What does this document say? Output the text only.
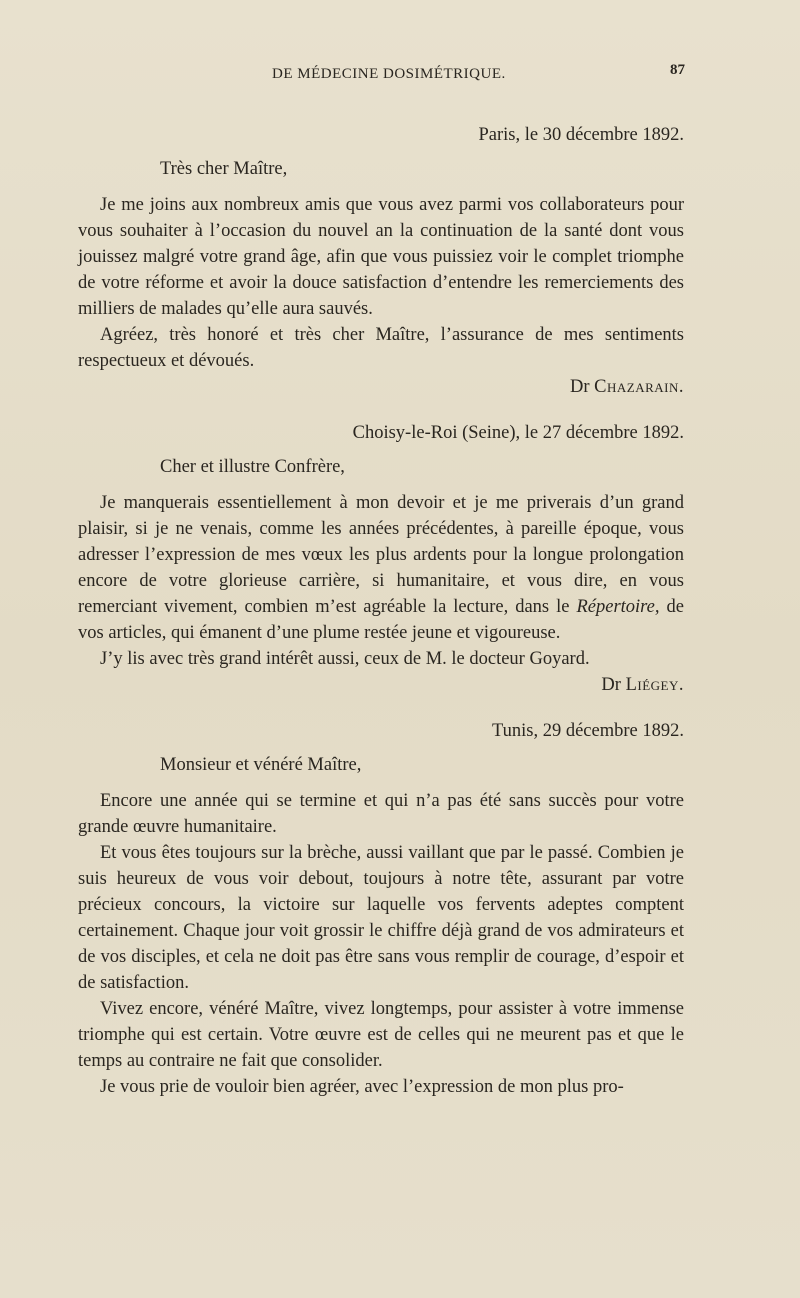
DE MÉDECINE DOSIMÉTRIQUE.	87

Paris, le 30 décembre 1892.

Très cher Maître,

Je me joins aux nombreux amis que vous avez parmi vos collaborateurs pour vous souhaiter à l’occasion du nouvel an la continuation de la santé dont vous jouissez malgré votre grand âge, afin que vous puissiez voir le complet triomphe de votre réforme et avoir la douce satisfaction d’entendre les remerciements des milliers de malades qu’elle aura sauvés.

Agréez, très honoré et très cher Maître, l’assurance de mes sentiments respectueux et dévoués.

Dr Chazarain.

Choisy-le-Roi (Seine), le 27 décembre 1892.

Cher et illustre Confrère,

Je manquerais essentiellement à mon devoir et je me priverais d’un grand plaisir, si je ne venais, comme les années précédentes, à pareille époque, vous adresser l’expression de mes vœux les plus ardents pour la longue prolongation encore de votre glorieuse carrière, si humanitaire, et vous dire, en vous remerciant vivement, combien m’est agréable la lecture, dans le Répertoire, de vos articles, qui émanent d’une plume restée jeune et vigoureuse.

J’y lis avec très grand intérêt aussi, ceux de M. le docteur Goyard.

Dr Liégey.

Tunis, 29 décembre 1892.

Monsieur et vénéré Maître,

Encore une année qui se termine et qui n’a pas été sans succès pour votre grande œuvre humanitaire.

Et vous êtes toujours sur la brèche, aussi vaillant que par le passé. Combien je suis heureux de vous voir debout, toujours à notre tête, assurant par votre précieux concours, la victoire sur laquelle vos fervents adeptes comptent certainement. Chaque jour voit grossir le chiffre déjà grand de vos admirateurs et de vos disciples, et cela ne doit pas être sans vous remplir de courage, d’espoir et de satisfaction.

Vivez encore, vénéré Maître, vivez longtemps, pour assister à votre immense triomphe qui est certain. Votre œuvre est de celles qui ne meurent pas et que le temps au contraire ne fait que consolider.

Je vous prie de vouloir bien agréer, avec l’expression de mon plus pro-
